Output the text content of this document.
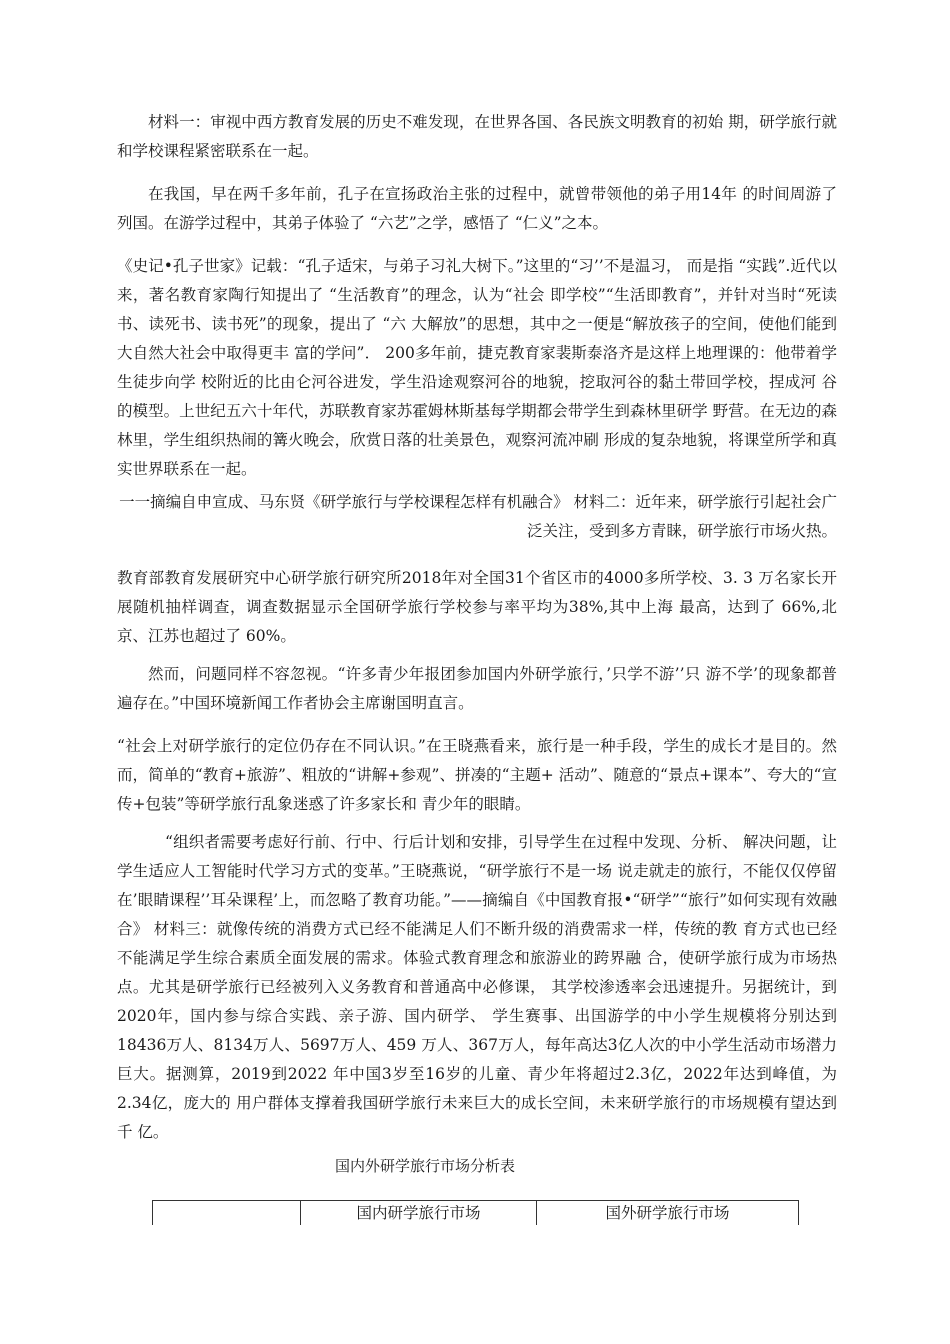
材料一：审视中西方教育发展的历史不难发现，在世界各国、各民族文明教育的初始 期，研学旅行就和学校课程紧密联系在一起。

在我国，早在两千多年前，孔子在宣扬政治主张的过程中，就曾带领他的弟子用14年 的时间周游了列国。在游学过程中，其弟子体验了 “六艺”之学，感悟了 “仁义”之本。

《史记•孔子世家》记载：“孔子适宋，与弟子习礼大树下。”这里的“习’’不是温习， 而是指 “实践”.近代以来，著名教育家陶行知提出了 “生活教育”的理念，认为“社会 即学校”“生活即教育”，并针对当时“死读书、读死书、读书死”的现象，提出了 “六 大解放”的思想，其中之一便是“解放孩子的空间，使他们能到大自然大社会中取得更丰 富的学问”． 200多年前，捷克教育家裴斯泰洛齐是这样上地理课的：他带着学生徒步向学 校附近的比由仑河谷进发，学生沿途观察河谷的地貌，挖取河谷的黏土带回学校，捏成河 谷的模型。上世纪五六十年代，苏联教育家苏霍姆林斯基每学期都会带学生到森林里研学 野营。在无边的森林里，学生组织热闹的篝火晚会，欣赏日落的壮美景色，观察河流冲刷 形成的复杂地貌，将课堂所学和真实世界联系在一起。

一一摘编自申宣成、马东贤《研学旅行与学校课程怎样有机融合》 材料二：近年来，研学旅行引起社会广泛关注，受到多方青睐，研学旅行市场火热。

教育部教育发展研究中心研学旅行研究所2018年对全国31个省区市的4000多所学校、3. 3 万名家长开展随机抽样调查，调查数据显示全国研学旅行学校参与率平均为38%,其中上海 最高，达到了 66%,北京、江苏也超过了 60%。

然而，问题同样不容忽视。“许多青少年报团参加国内外研学旅行，’只学不游’’只 游不学’的现象都普遍存在。”中国环境新闻工作者协会主席谢国明直言。

“社会上对研学旅行的定位仍存在不同认识。”在王晓燕看来，旅行是一种手段，学生的成长才是目的。然而，简单的“教育+旅游”、粗放的“讲解+参观”、拼凑的“主题+ 活动”、随意的“景点+课本”、夸大的“宣传+包装”等研学旅行乱象迷惑了许多家长和 青少年的眼睛。

“组织者需要考虑好行前、行中、行后计划和安排，引导学生在过程中发现、分析、 解决问题，让学生适应人工智能时代学习方式的变革。”王晓燕说，“研学旅行不是一场 说走就走的旅行，不能仅仅停留在’眼睛课程’’耳朵课程’上，而忽略了教育功能。”——摘编自《中国教育报•“研学”“旅行”如何实现有效融合》 材料三：就像传统的消费方式已经不能满足人们不断升级的消费需求一样，传统的教 育方式也已经不能满足学生综合素质全面发展的需求。体验式教育理念和旅游业的跨界融 合，使研学旅行成为市场热点。尤其是研学旅行已经被列入义务教育和普通高中必修课， 其学校渗透率会迅速提升。另据统计，到2020年，国内参与综合实践、亲子游、国内研学、 学生赛事、出国游学的中小学生规模将分别达到18436万人、8134万人、5697万人、459 万人、367万人，每年高达3亿人次的中小学生活动市场潜力巨大。据测算，2019到2022 年中国3岁至16岁的儿童、青少年将超过2.3亿，2022年达到峰值，为2.34亿，庞大的 用户群体支撑着我国研学旅行未来巨大的成长空间，未来研学旅行的市场规模有望达到千 亿。

国内外研学旅行市场分析表
	国内研学旅行市场	国外研学旅行市场
